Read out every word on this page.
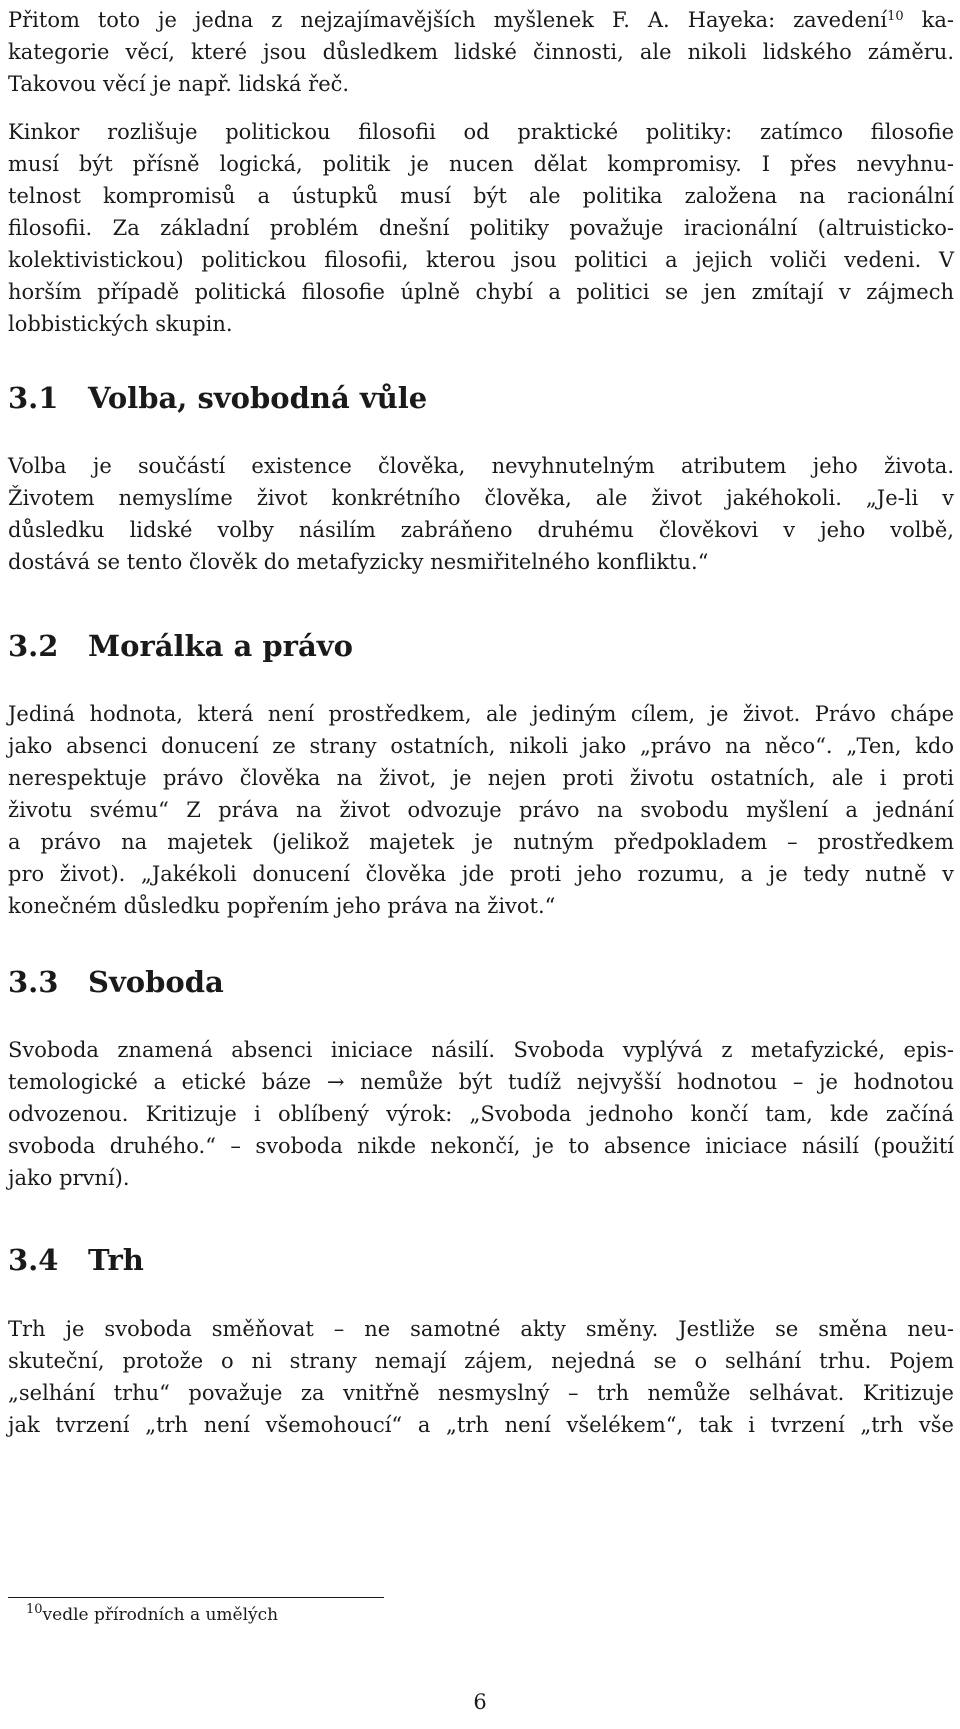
Přitom toto je jedna z nejzajímavějších myšlenek F. A. Hayeka: zavedení$^{10}$ ka-
kategorie věcí, které jsou důsledkem lidské činnosti, ale nikoli lidského záměru.
Takovou věcí je např. lidská řeč.
Kinkor rozlišuje politickou filosofii od praktické politiky: zatímco filosofie
musí být přísně logická, politik je nucen dělat kompromisy. I přes nevyhnu-
telnost kompromisů a ústupků musí být ale politika založena na racionální
filosofii. Za základní problém dnešní politiky považuje iracionální (altruisticko-
kolektivistickou) politickou filosofii, kterou jsou politici a jejich voliči vedeni. V
horším případě politická filosofie úplně chybí a politici se jen zmítají v zájmech
lobbistických skupin.
3.1 Volba, svobodná vůle
Volba je součástí existence člověka, nevyhnutelným atributem jeho života.
Životem nemyslíme život konkrétního člověka, ale život jakéhokoli. „Je-li v
důsledku lidské volby násilím zabráňeno druhému člověkovi v jeho volbě,
dostává se tento člověk do metafyzicky nesmiřitelného konfliktu.“
3.2 Morálka a právo
Jediná hodnota, která není prostředkem, ale jediným cílem, je život. Právo chápe
jako absenci donucení ze strany ostatních, nikoli jako „právo na něco“. „Ten, kdo
nerespektuje právo člověka na život, je nejen proti životu ostatních, ale i proti
životu svému“ Z práva na život odvozuje právo na svobodu myšlení a jednání
a právo na majetek (jelikož majetek je nutným předpokladem – prostředkem
pro život). „Jakékoli donucení člověka jde proti jeho rozumu, a je tedy nutně v
konečném důsledku popřením jeho práva na život.“
3.3 Svoboda
Svoboda znamená absenci iniciace násilí. Svoboda vyplývá z metafyzické, epis-
temologické a etické báze → nemůže být tudíž nejvyšší hodnotou – je hodnotou
odvozenou. Kritizuje i oblíbený výrok: „Svoboda jednoho končí tam, kde začíná
svoboda druhého.“ – svoboda nikde nekončí, je to absence iniciace násilí (použití
jako první).
3.4 Trh
Trh je svoboda směňovat – ne samotné akty směny. Jestliže se směna neu-
skuteční, protože o ni strany nemají zájem, nejedná se o selhání trhu. Pojem
„selhání trhu“ považuje za vnitřně nesmyslný – trh nemůže selhávat. Kritizuje
jak tvrzení „trh není všemohoucí“ a „trh není všelékem“, tak i tvrzení „trh vše
$^{10}$vedle přírodních a umělých
6
